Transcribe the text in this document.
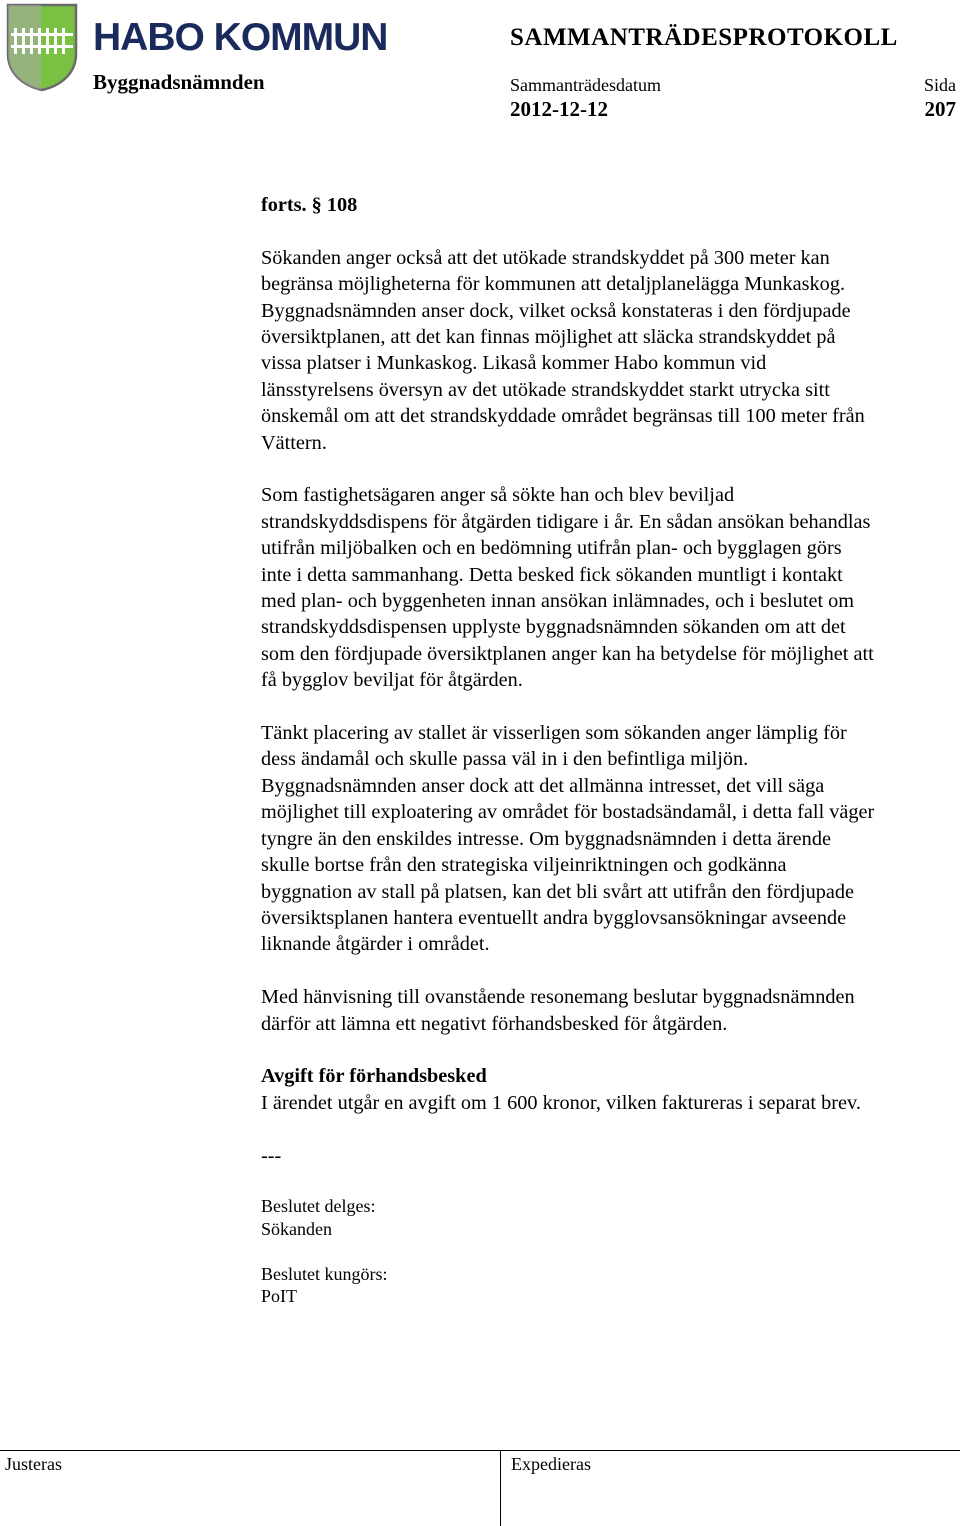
HABO KOMMUN	SAMMANTRÄDESPROTOKOLL
Byggnadsnämnden	Sammanträdesdatum	Sida
2012-12-12	207
forts. § 108
Sökanden anger också att det utökade strandskyddet på 300 meter kan
begränsa möjligheterna för kommunen att detaljplanelägga Munkaskog.
Byggnadsnämnden anser dock, vilket också konstateras i den fördjupade
översiktplanen, att det kan finnas möjlighet att släcka strandskyddet på
vissa platser i Munkaskog. Likaså kommer Habo kommun vid
länsstyrelsens översyn av det utökade strandskyddet starkt utrycka sitt
önskemål om att det strandskyddade området begränsas till 100 meter från
Vättern.
Som fastighetsägaren anger så sökte han och blev beviljad
strandskyddsdispens för åtgärden tidigare i år. En sådan ansökan behandlas
utifrån miljöbalken och en bedömning utifrån plan- och bygglagen görs
inte i detta sammanhang. Detta besked fick sökanden muntligt i kontakt
med plan- och byggenheten innan ansökan inlämnades, och i beslutet om
strandskyddsdispensen upplyste byggnadsnämnden sökanden om att det
som den fördjupade översiktplanen anger kan ha betydelse för möjlighet att
få bygglov beviljat för åtgärden.
Tänkt placering av stallet är visserligen som sökanden anger lämplig för
dess ändamål och skulle passa väl in i den befintliga miljön.
Byggnadsnämnden anser dock att det allmänna intresset, det vill säga
möjlighet till exploatering av området för bostadsändamål, i detta fall väger
tyngre än den enskildes intresse. Om byggnadsnämnden i detta ärende
skulle bortse från den strategiska viljeinriktningen och godkänna
byggnation av stall på platsen, kan det bli svårt att utifrån den fördjupade
översiktsplanen hantera eventuellt andra bygglovsansökningar avseende
liknande åtgärder i området.
Med hänvisning till ovanstående resonemang beslutar byggnadsnämnden
därför att lämna ett negativt förhandsbesked för åtgärden.
Avgift för förhandsbesked
I ärendet utgår en avgift om 1 600 kronor, vilken faktureras i separat brev.
---
Beslutet delges:
Sökanden
Beslutet kungörs:
PoIT
Justeras	Expedieras
